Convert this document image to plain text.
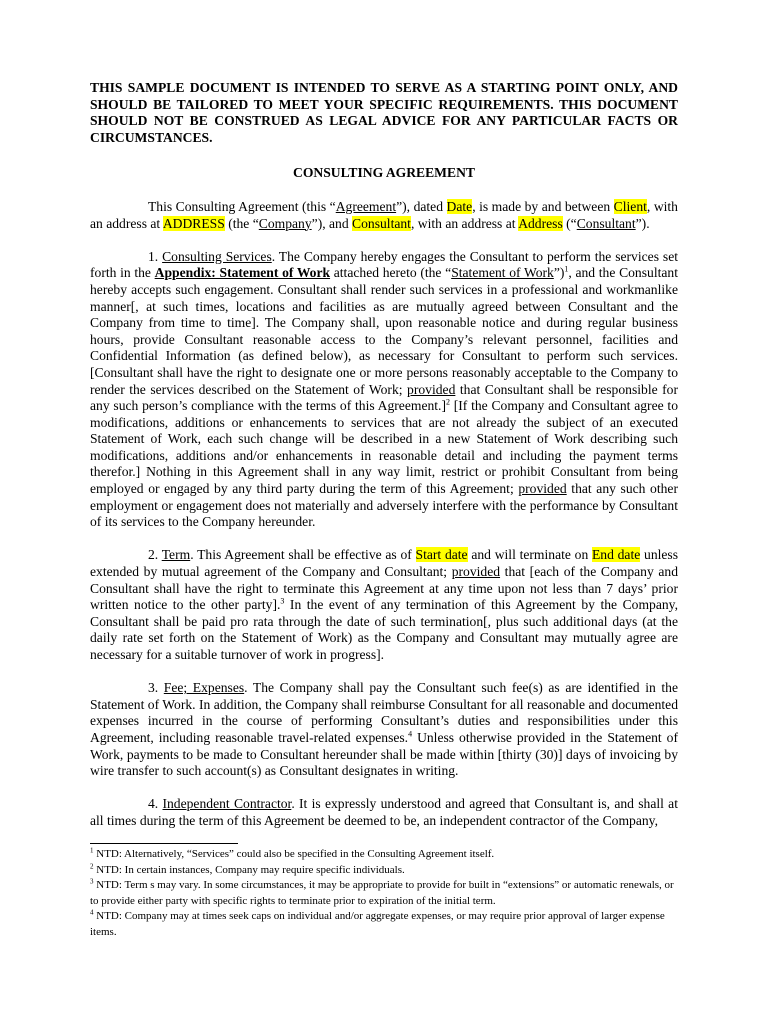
THIS SAMPLE DOCUMENT IS INTENDED TO SERVE AS A STARTING POINT ONLY, AND SHOULD BE TAILORED TO MEET YOUR SPECIFIC REQUIREMENTS. THIS DOCUMENT SHOULD NOT BE CONSTRUED AS LEGAL ADVICE FOR ANY PARTICULAR FACTS OR CIRCUMSTANCES.

CONSULTING AGREEMENT

This Consulting Agreement (this “Agreement”), dated Date, is made by and between Client, with an address at ADDRESS (the “Company”), and Consultant, with an address at Address (“Consultant”).

1. Consulting Services. The Company hereby engages the Consultant to perform the services set forth in the Appendix: Statement of Work attached hereto (the “Statement of Work”)$^1$, and the Consultant hereby accepts such engagement. Consultant shall render such services in a professional and workmanlike manner[, at such times, locations and facilities as are mutually agreed between Consultant and the Company from time to time]. The Company shall, upon reasonable notice and during regular business hours, provide Consultant reasonable access to the Company’s relevant personnel, facilities and Confidential Information (as defined below), as necessary for Consultant to perform such services. [Consultant shall have the right to designate one or more persons reasonably acceptable to the Company to render the services described on the Statement of Work; provided that Consultant shall be responsible for any such person’s compliance with the terms of this Agreement.]$^2$ [If the Company and Consultant agree to modifications, additions or enhancements to services that are not already the subject of an executed Statement of Work, each such change will be described in a new Statement of Work describing such modifications, additions and/or enhancements in reasonable detail and including the payment terms therefor.] Nothing in this Agreement shall in any way limit, restrict or prohibit Consultant from being employed or engaged by any third party during the term of this Agreement; provided that any such other employment or engagement does not materially and adversely interfere with the performance by Consultant of its services to the Company hereunder.

2. Term. This Agreement shall be effective as of Start date and will terminate on End date unless extended by mutual agreement of the Company and Consultant; provided that [each of the Company and Consultant shall have the right to terminate this Agreement at any time upon not less than 7 days’ prior written notice to the other party].$^3$ In the event of any termination of this Agreement by the Company, Consultant shall be paid pro rata through the date of such termination[, plus such additional days (at the daily rate set forth on the Statement of Work) as the Company and Consultant may mutually agree are necessary for a suitable turnover of work in progress].

3. Fee; Expenses. The Company shall pay the Consultant such fee(s) as are identified in the Statement of Work. In addition, the Company shall reimburse Consultant for all reasonable and documented expenses incurred in the course of performing Consultant’s duties and responsibilities under this Agreement, including reasonable travel-related expenses.$^4$ Unless otherwise provided in the Statement of Work, payments to be made to Consultant hereunder shall be made within [thirty (30)] days of invoicing by wire transfer to such account(s) as Consultant designates in writing.

4. Independent Contractor. It is expressly understood and agreed that Consultant is, and shall at all times during the term of this Agreement be deemed to be, an independent contractor of the Company,

$^1$ NTD: Alternatively, “Services” could also be specified in the Consulting Agreement itself.

$^2$ NTD: In certain instances, Company may require specific individuals.

$^3$ NTD: Term s may vary. In some circumstances, it may be appropriate to provide for built in “extensions” or automatic renewals, or to provide either party with specific rights to terminate prior to expiration of the initial term.

$^4$ NTD: Company may at times seek caps on individual and/or aggregate expenses, or may require prior approval of larger expense items.
